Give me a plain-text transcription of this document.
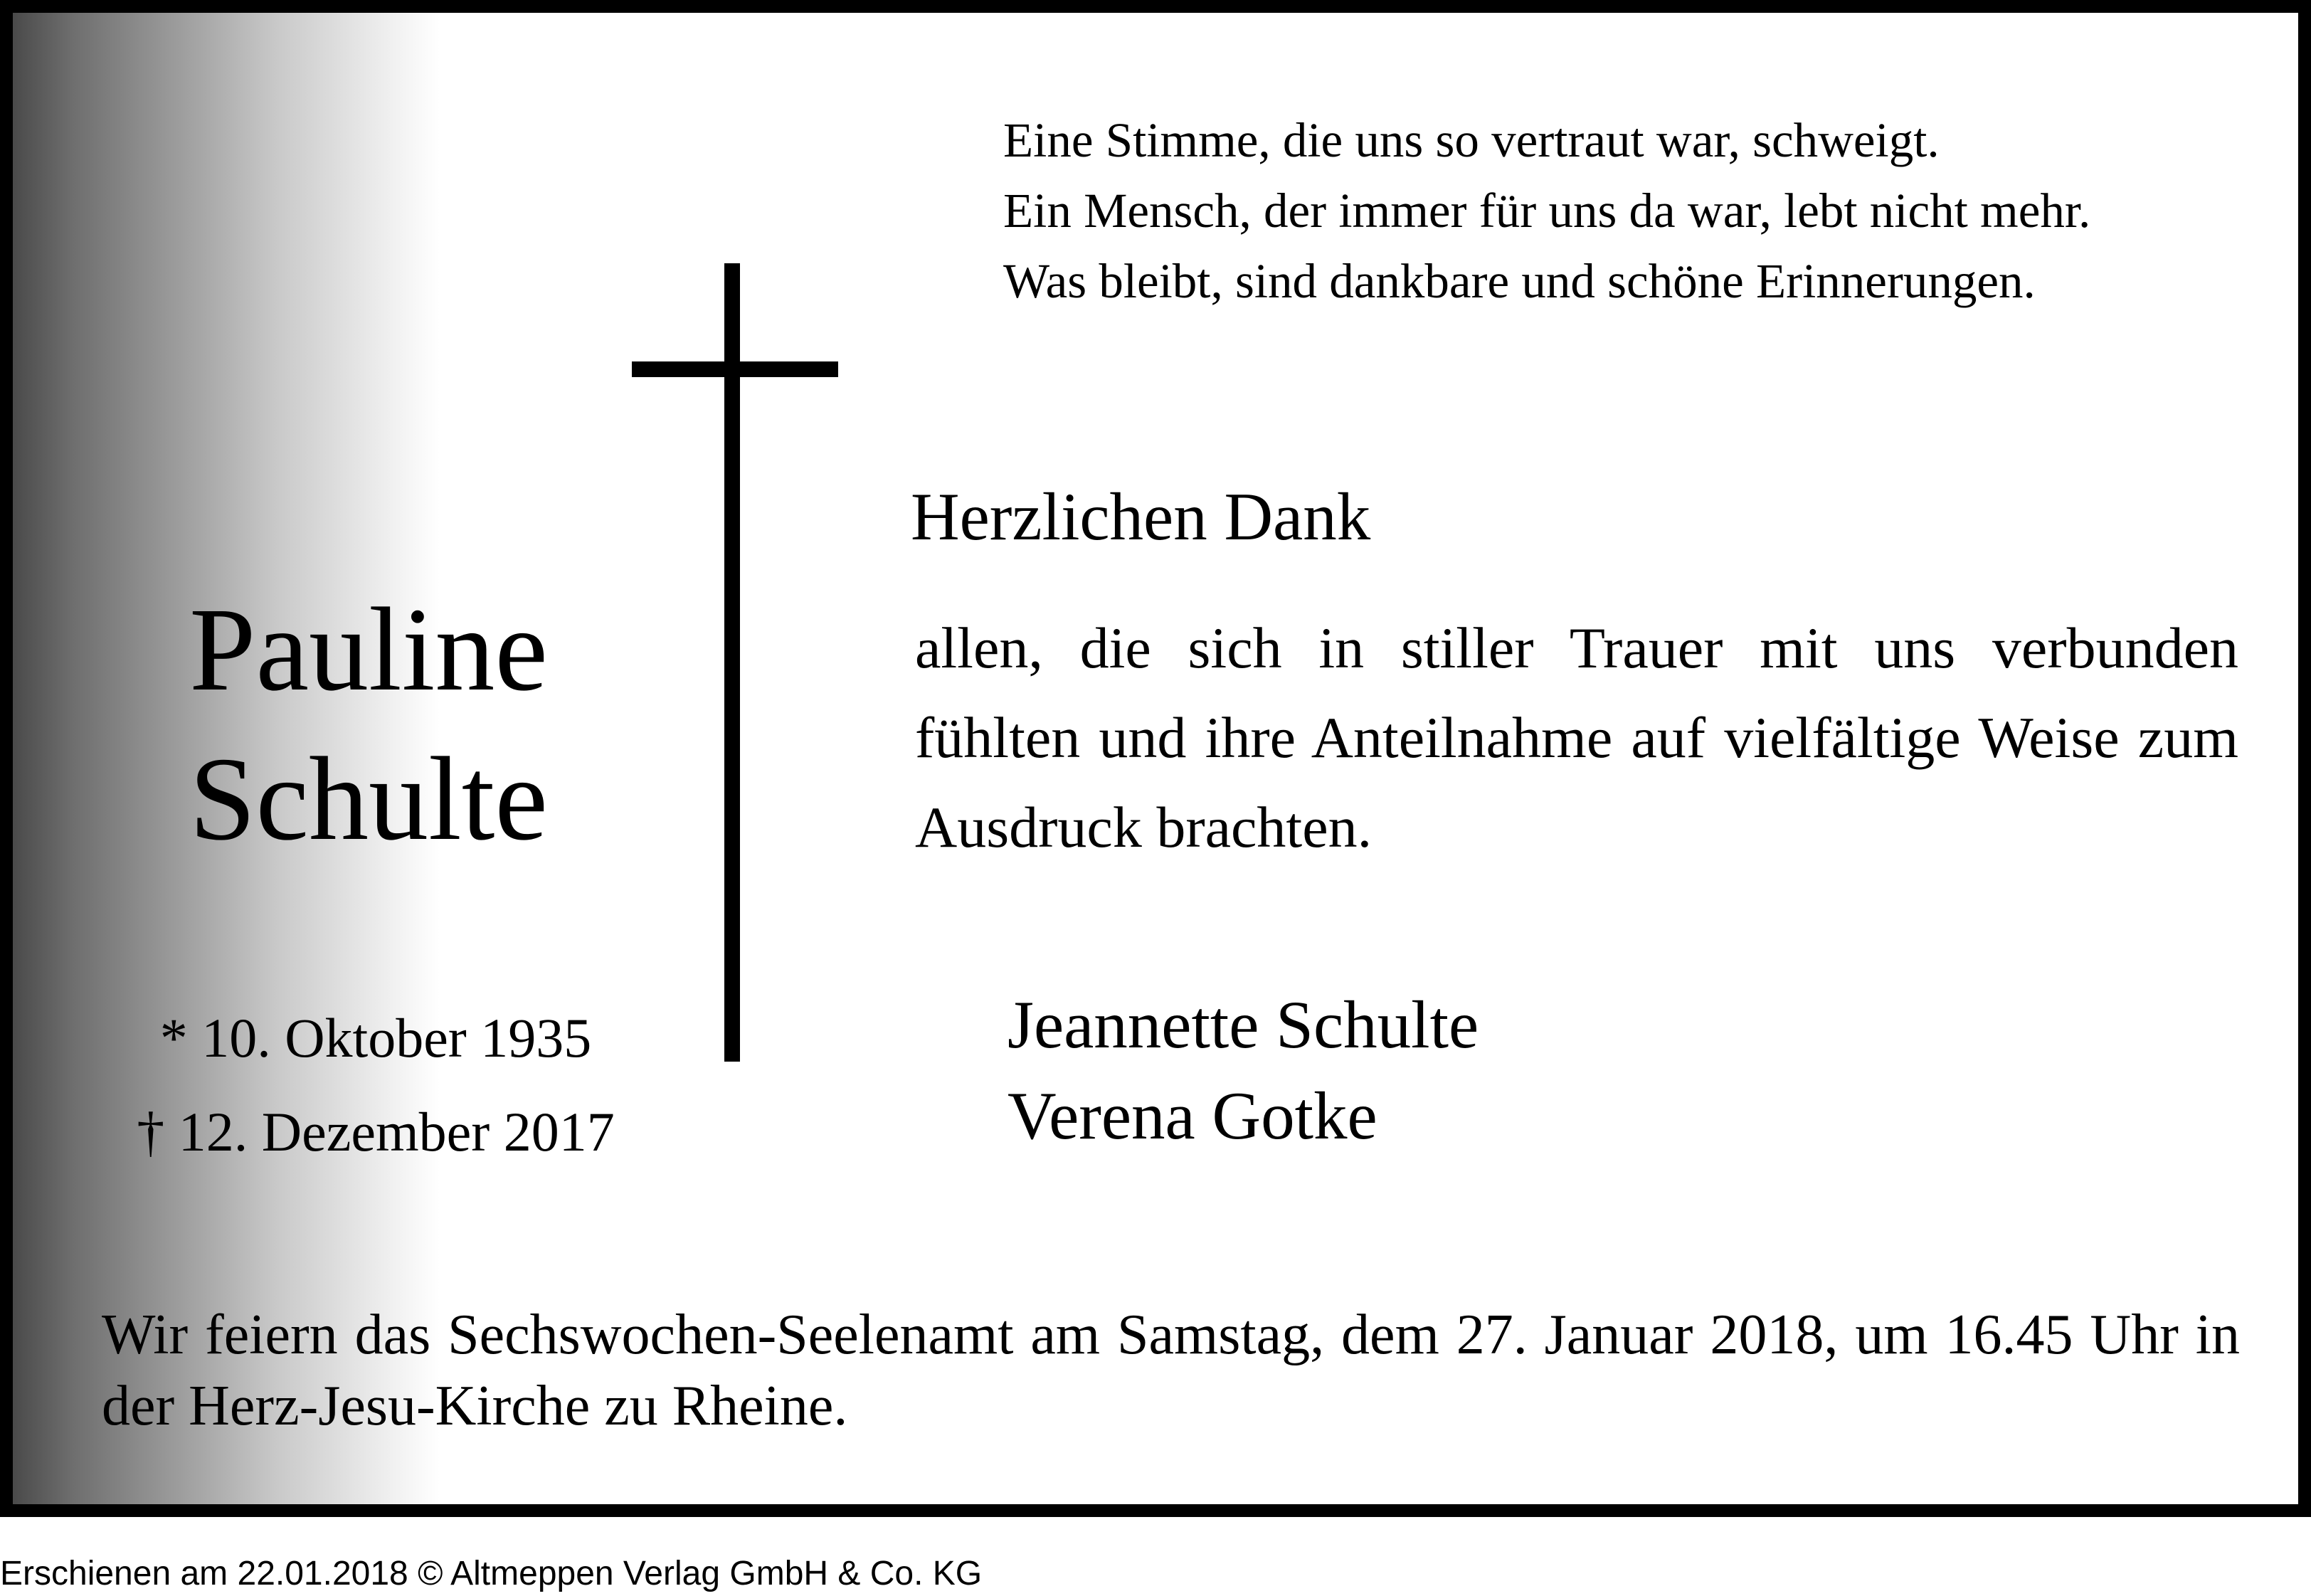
Eine Stimme, die uns so vertraut war, schweigt.
Ein Mensch, der immer für uns da war, lebt nicht mehr.
Was bleibt, sind dankbare und schöne Erinnerungen.
Pauline
Schulte
* 10. Oktober 1935
† 12. Dezember 2017
Herzlichen Dank
allen, die sich in stiller Trauer mit uns verbunden fühlten und ihre Anteilnahme auf vielfältige Weise zum Ausdruck brachten.
Jeannette Schulte
Verena Gotke
Wir feiern das Sechswochen-Seelenamt am Samstag, dem 27. Januar 2018, um 16.45 Uhr in der Herz-Jesu-Kirche zu Rheine.
Erschienen am 22.01.2018 © Altmeppen Verlag GmbH & Co. KG
